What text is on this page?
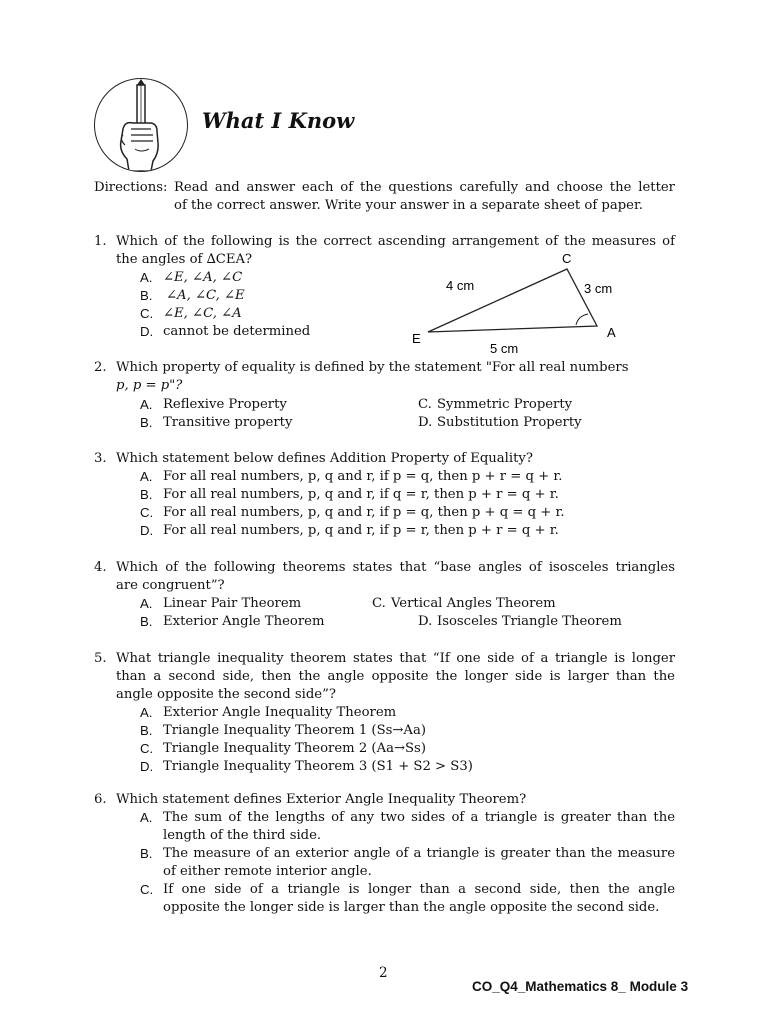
What I Know
Directions: Read and answer each of the questions carefully and choose the letter
of the correct answer. Write your answer in a separate sheet of paper.
1. Which of the following is the correct ascending arrangement of the measures of
the angles of ∆CEA?
A. ∠E, ∠A, ∠C
B. ∠A, ∠C, ∠E
C. ∠E, ∠C, ∠A
D. cannot be determined
C
E	A
4 cm	3 cm
5 cm
2. Which property of equality is defined by the statement "For all real numbers
p, p = p"?
A. Reflexive Property
B. Transitive property
C. Symmetric Property
D. Substitution Property
3. Which statement below defines Addition Property of Equality?
A. For all real numbers, p, q and r, if p = q, then p + r = q + r.
B. For all real numbers, p, q and r, if q = r, then p + r = q + r.
C. For all real numbers, p, q and r, if p = q, then p + q = q + r.
D. For all real numbers, p, q and r, if p = r, then p + r = q + r.
4. Which of the following theorems states that “base angles of isosceles triangles
are congruent”?
A. Linear Pair Theorem
B. Exterior Angle Theorem
C. Vertical Angles Theorem
D. Isosceles Triangle Theorem
5. What triangle inequality theorem states that “If one side of a triangle is longer
than a second side, then the angle opposite the longer side is larger than the
angle opposite the second side”?
A. Exterior Angle Inequality Theorem
B. Triangle Inequality Theorem 1 (Ss→Aa)
C. Triangle Inequality Theorem 2 (Aa→Ss)
D. Triangle Inequality Theorem 3 (S1 + S2 > S3)
6. Which statement defines Exterior Angle Inequality Theorem?
A. The sum of the lengths of any two sides of a triangle is greater than the
length of the third side.
B. The measure of an exterior angle of a triangle is greater than the measure
of either remote interior angle.
C. If one side of a triangle is longer than a second side, then the angle
opposite the longer side is larger than the angle opposite the second side.
2
CO_Q4_Mathematics 8_ Module 3
